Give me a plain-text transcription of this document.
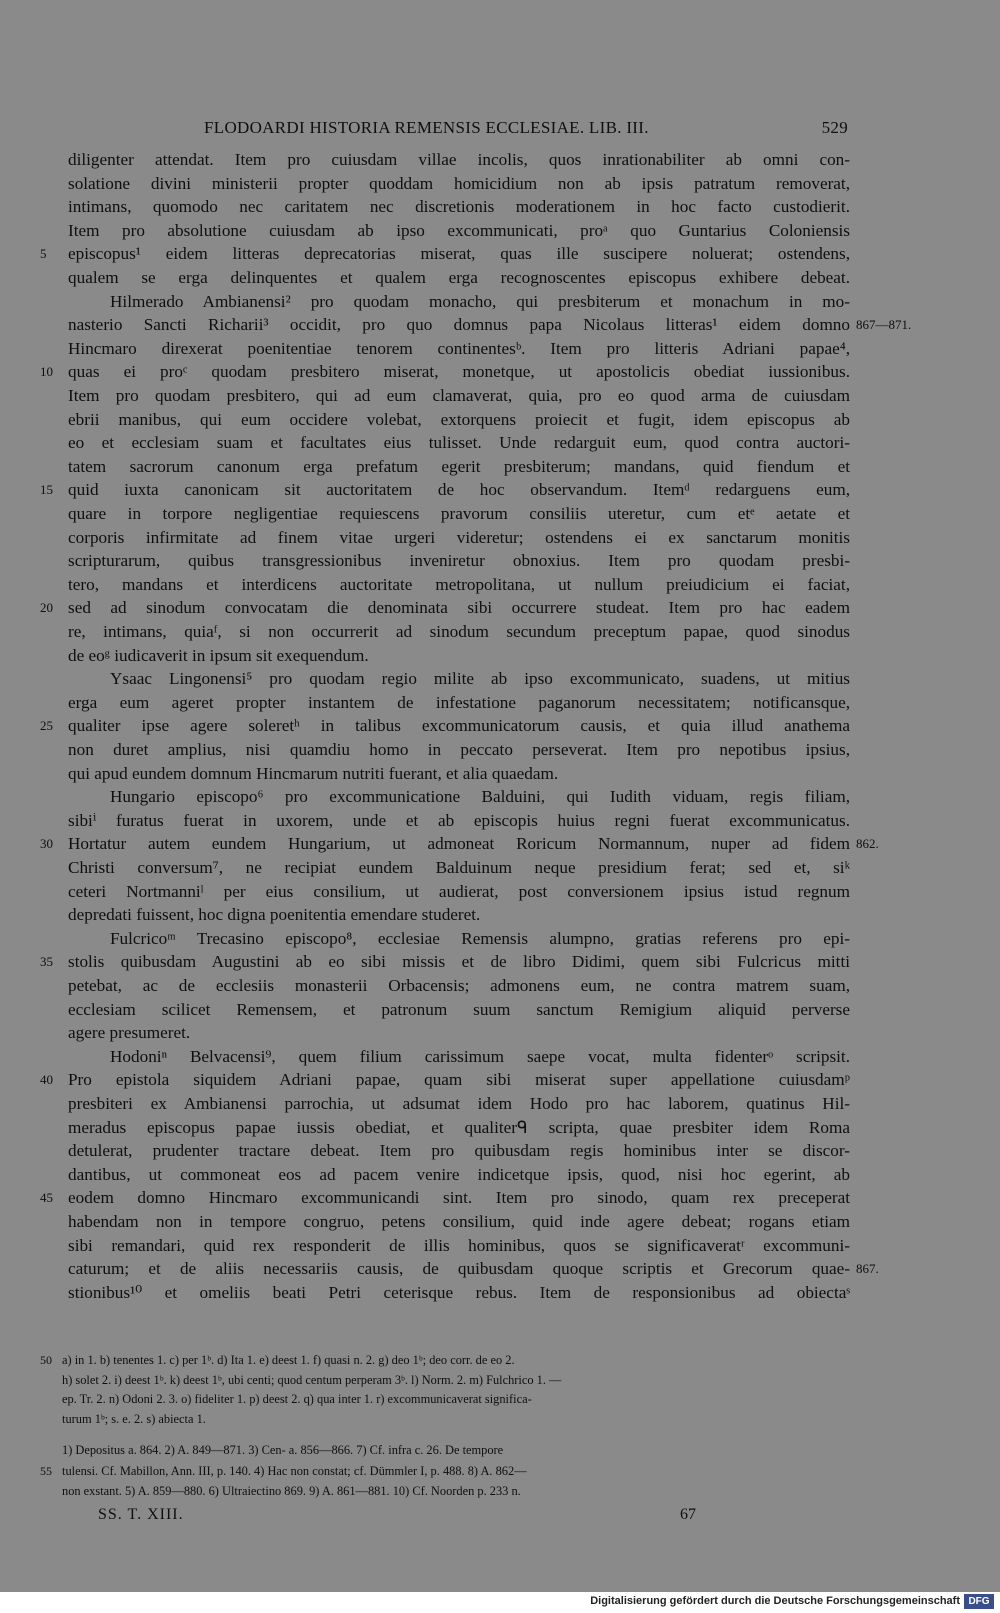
FLODOARDI HISTORIA REMENSIS ECCLESIAE. LIB. III.	529
diligenter attendat. Item pro cuiusdam villae incolis, quos inrationabiliter ab omni con-
solatione divini ministerii propter quoddam homicidium non ab ipsis patratum removerat,
intimans, quomodo nec caritatem nec discretionis moderationem in hoc facto custodierit.
Item pro absolutione cuiusdam ab ipso excommunicati, proᵃ quo Guntarius Coloniensis
episcopus¹ eidem litteras deprecatorias miserat, quas ille suscipere noluerat; ostendens,
5
qualem se erga delinquentes et qualem erga recognoscentes episcopus exhibere debeat.
Hilmerado Ambianensi² pro quodam monacho, qui presbiterum et monachum in mo-
nasterio Sancti Richarii³ occidit, pro quo domnus papa Nicolaus litteras¹ eidem domno 867—871.
Hincmaro direxerat poenitentiae tenorem continentesᵇ. Item pro litteris Adriani papae⁴,
quas ei proᶜ quodam presbitero miserat, monetque, ut apostolicis obediat iussionibus.
10
Item pro quodam presbitero, qui ad eum clamaverat, quia, pro eo quod arma de cuiusdam
ebrii manibus, qui eum occidere volebat, extorquens proiecit et fugit, idem episcopus ab
eo et ecclesiam suam et facultates eius tulisset. Unde redarguit eum, quod contra auctori-
tatem sacrorum canonum erga prefatum egerit presbiterum; mandans, quid fiendum et
quid iuxta canonicam sit auctoritatem de hoc observandum. Itemᵈ redarguens eum,
15
quare in torpore negligentiae requiescens pravorum consiliis uteretur, cum etᵉ aetate et
corporis infirmitate ad finem vitae urgeri videretur; ostendens ei ex sanctarum monitis
scripturarum, quibus transgressionibus inveniretur obnoxius. Item pro quodam presbi-
tero, mandans et interdicens auctoritate metropolitana, ut nullum preiudicium ei faciat,
sed ad sinodum convocatam die denominata sibi occurrere studeat. Item pro hac eadem
20
re, intimans, quiaᶠ, si non occurrerit ad sinodum secundum preceptum papae, quod sinodus
de eoᵍ iudicaverit in ipsum sit exequendum.
Ysaac Lingonensi⁵ pro quodam regio milite ab ipso excommunicato, suadens, ut mitius
erga eum ageret propter instantem de infestatione paganorum necessitatem; notificansque,
qualiter ipse agere soleretʰ in talibus excommunicatorum causis, et quia illud anathema
25
non duret amplius, nisi quamdiu homo in peccato perseverat. Item pro nepotibus ipsius,
qui apud eundem domnum Hincmarum nutriti fuerant, et alia quaedam.
Hungario episcopo⁶ pro excommunicatione Balduini, qui Iudith viduam, regis filiam,
sibiⁱ furatus fuerat in uxorem, unde et ab episcopis huius regni fuerat excommunicatus.
Hortatur autem eundem Hungarium, ut admoneat Roricum Normannum, nuper ad fidem
30	862.
Christi conversum⁷, ne recipiat eundem Balduinum neque presidium ferat; sed et, siᵏ
ceteri Nortmanniˡ per eius consilium, ut audierat, post conversionem ipsius istud regnum
depredati fuissent, hoc digna poenitentia emendare studeret.
Fulcricoᵐ Trecasino episcopo⁸, ecclesiae Remensis alumpno, gratias referens pro epi-
stolis quibusdam Augustini ab eo sibi missis et de libro Didimi, quem sibi Fulcricus mitti
35
petebat, ac de ecclesiis monasterii Orbacensis; admonens eum, ne contra matrem suam,
ecclesiam scilicet Remensem, et patronum suum sanctum Remigium aliquid perverse
agere presumeret.
Hodoniⁿ Belvacensi⁹, quem filium carissimum saepe vocat, multa fidenterᵒ scripsit.
Pro epistola siquidem Adriani papae, quam sibi miserat super appellatione cuiusdamᵖ
40
presbiteri ex Ambianensi parrochia, ut adsumat idem Hodo pro hac laborem, quatinus Hil-
meradus episcopus papae iussis obediat, et qualiterᑫ scripta, quae presbiter idem Roma
detulerat, prudenter tractare debeat. Item pro quibusdam regis hominibus inter se discor-
dantibus, ut commoneat eos ad pacem venire indicetque ipsis, quod, nisi hoc egerint, ab
eodem domno Hincmaro excommunicandi sint. Item pro sinodo, quam rex preceperat
45
habendam non in tempore congruo, petens consilium, quid inde agere debeat; rogans etiam
sibi remandari, quid rex responderit de illis hominibus, quos se significaveratʳ excommuni-
caturum; et de aliis necessariis causis, de quibusdam quoque scriptis et Grecorum quae- 867.
stionibus¹⁰ et omeliis beati Petri ceterisque rebus. Item de responsionibus ad obiectaˢ
a) in 1. b) tenentes 1. c) per 1ᵇ. d) Ita 1. e) deest 1. f) quasi n. 2. g) deo 1ᵇ; deo corr. de eo 2.
50
h) solet 2. i) deest 1ᵇ. k) deest 1ᵇ, ubi centi; quod centum perperam 3ᵇ. l) Norm. 2. m) Fulchrico 1. —
ep. Tr. 2. n) Odoni 2. 3. o) fideliter 1. p) deest 2. q) qua inter 1. r) excommunicaverat significa-
turum 1ᵇ; s. e. 2. s) abiecta 1.
1) Depositus a. 864. 2) A. 849—871. 3) Cen- a. 856—866. 7) Cf. infra c. 26. De tempore
tulensi. Cf. Mabillon, Ann. III, p. 140. 4) Hac non constat; cf. Dümmler I, p. 488. 8) A. 862—
55
non exstant. 5) A. 859—880. 6) Ultraiectino 869. 9) A. 861—881. 10) Cf. Noorden p. 233 n.
SS. T. XIII.	67
Digitalisierung gefördert durch die Deutsche Forschungsgemeinschaft DFG
